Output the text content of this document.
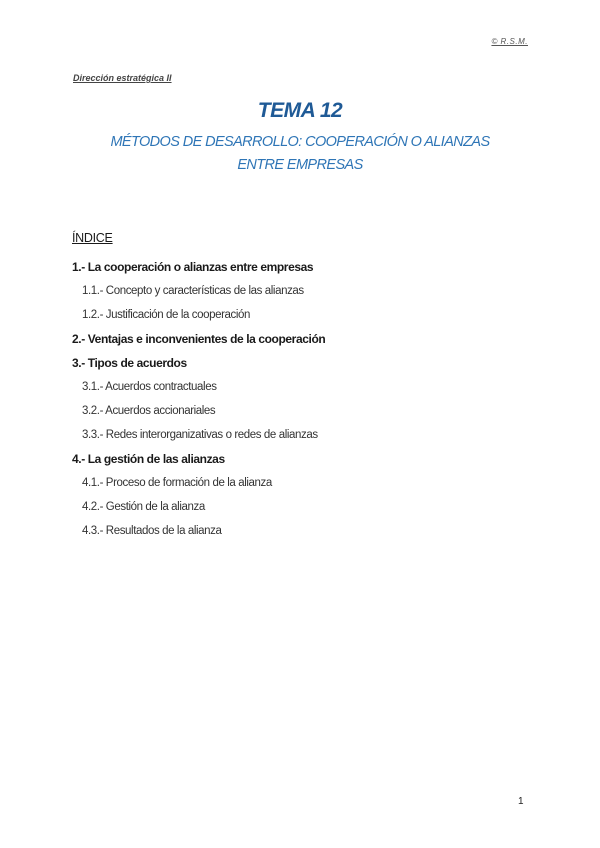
© R.S.M.
Dirección estratégica II
TEMA 12
MÉTODOS DE DESARROLLO: COOPERACIÓN O ALIANZAS ENTRE EMPRESAS
ÍNDICE
1.- La cooperación o alianzas entre empresas
1.1.- Concepto y características de las alianzas
1.2.- Justificación de la cooperación
2.- Ventajas e inconvenientes de la cooperación
3.- Tipos de acuerdos
3.1.- Acuerdos contractuales
3.2.- Acuerdos accionariales
3.3.- Redes interorganizativas o redes de alianzas
4.- La gestión de las alianzas
4.1.- Proceso de formación de la alianza
4.2.- Gestión de la alianza
4.3.- Resultados de la alianza
1
